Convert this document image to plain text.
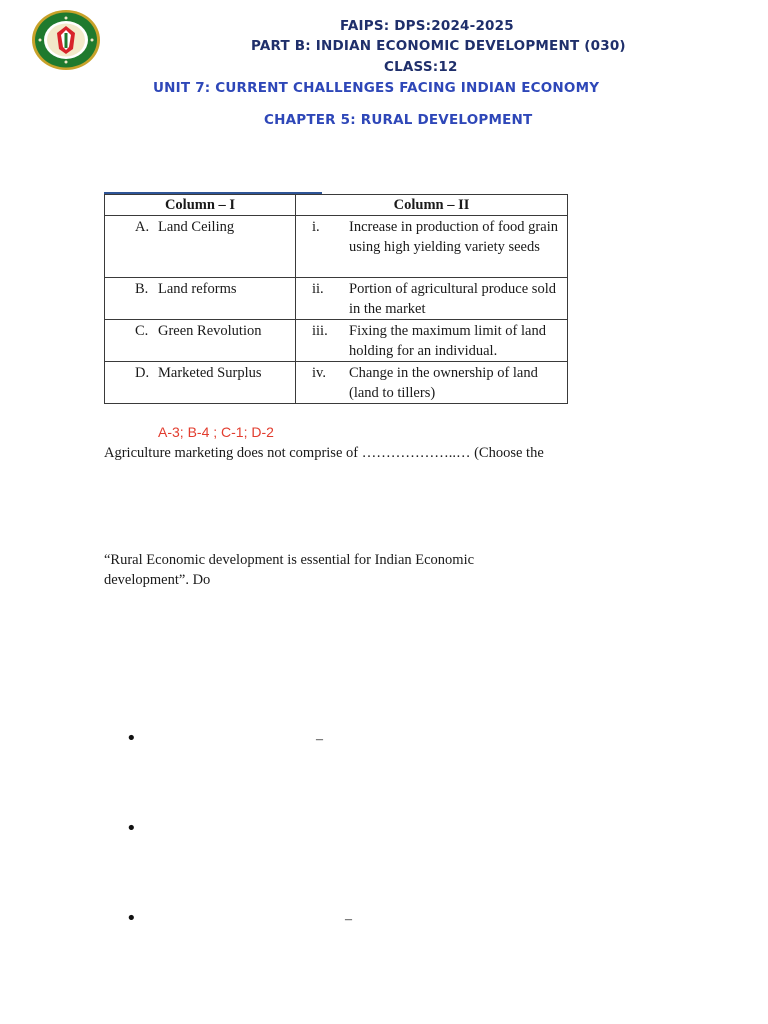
FAIPS: DPS:2024-2025
PART B: INDIAN ECONOMIC DEVELOPMENT (030)
CLASS:12
UNIT 7: CURRENT CHALLENGES FACING INDIAN ECONOMY
CHAPTER 5: RURAL DEVELOPMENT
Column – I	Column – II

A. Land Ceiling	i. Increase in production of food grain using high yielding variety seeds

B. Land reforms	ii. Portion of agricultural produce sold in the market

C. Green Revolution	iii. Fixing the maximum limit of land holding for an individual.

D. Marketed Surplus	iv. Change in the ownership of land (land to tillers)
A-3; B-4 ; C-1; D-2
Agriculture marketing does not comprise of ………………..… (Choose the
“Rural Economic development is essential for Indian Economic
development”. Do
•	–
•
•	–
